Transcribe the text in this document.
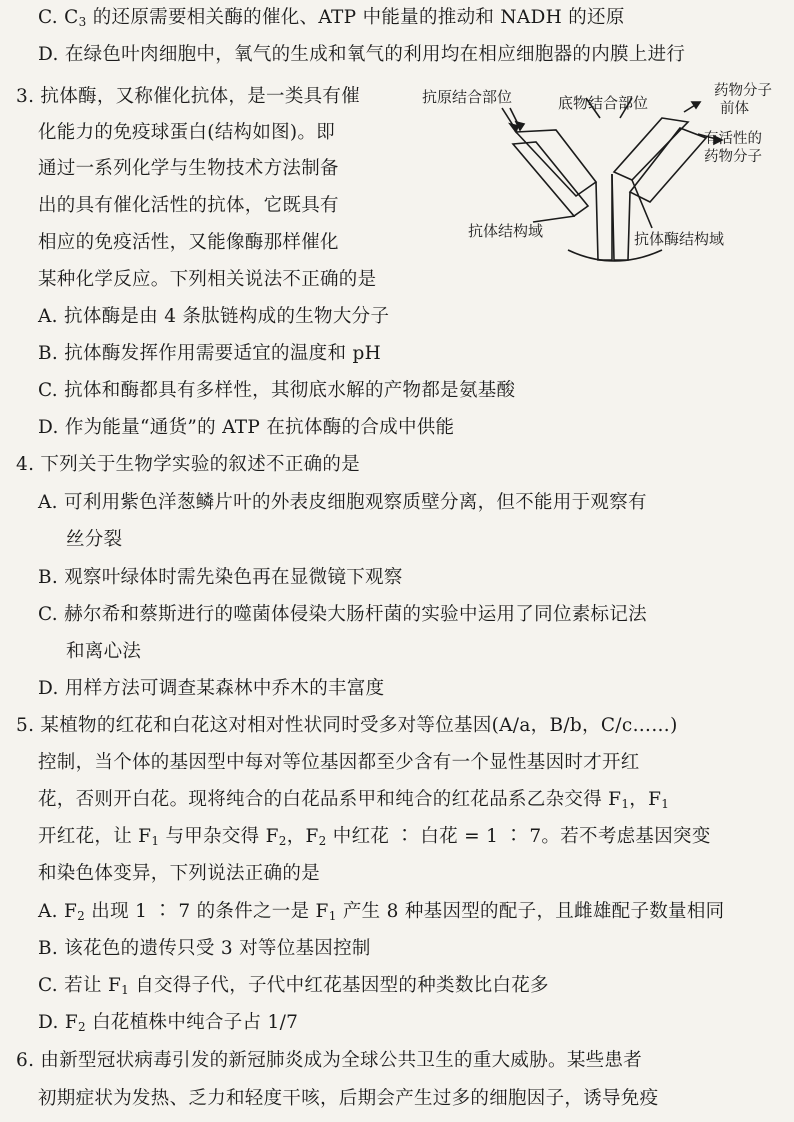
C. $C_3$ 的还原需要相关酶的催化、ATP 中能量的推动和 NADH 的还原
D. 在绿色叶肉细胞中，氧气的生成和氧气的利用均在相应细胞器的内膜上进行
3. 抗体酶，又称催化抗体，是一类具有催
化能力的免疫球蛋白(结构如图)。即
通过一系列化学与生物技术方法制备
出的具有催化活性的抗体，它既具有
相应的免疫活性，又能像酶那样催化
某种化学反应。下列相关说法不正确的是
抗原结合部位	底物结合部位
药物分子
前体
有活性的
药物分子
抗体结构域	抗体酶结构域
A. 抗体酶是由 4 条肽链构成的生物大分子
B. 抗体酶发挥作用需要适宜的温度和 pH
C. 抗体和酶都具有多样性，其彻底水解的产物都是氨基酸
D. 作为能量“通货”的 ATP 在抗体酶的合成中供能
4. 下列关于生物学实验的叙述不正确的是
A. 可利用紫色洋葱鳞片叶的外表皮细胞观察质壁分离，但不能用于观察有
丝分裂
B. 观察叶绿体时需先染色再在显微镜下观察
C. 赫尔希和蔡斯进行的噬菌体侵染大肠杆菌的实验中运用了同位素标记法
和离心法
D. 用样方法可调查某森林中乔木的丰富度
5. 某植物的红花和白花这对相对性状同时受多对等位基因(A/a，B/b，C/c……)
控制，当个体的基因型中每对等位基因都至少含有一个显性基因时才开红
花，否则开白花。现将纯合的白花品系甲和纯合的红花品系乙杂交得 $F_1$，$F_1$
开红花，让 $F_1$ 与甲杂交得 $F_2$，$F_2$ 中红花 ∶ 白花 = 1 ∶ 7。若不考虑基因突变
和染色体变异，下列说法正确的是
A. $F_2$ 出现 1 ∶ 7 的条件之一是 $F_1$ 产生 8 种基因型的配子，且雌雄配子数量相同
B. 该花色的遗传只受 3 对等位基因控制
C. 若让 $F_1$ 自交得子代，子代中红花基因型的种类数比白花多
D. $F_2$ 白花植株中纯合子占 1/7
6. 由新型冠状病毒引发的新冠肺炎成为全球公共卫生的重大威胁。某些患者
初期症状为发热、乏力和轻度干咳，后期会产生过多的细胞因子，诱导免疫
